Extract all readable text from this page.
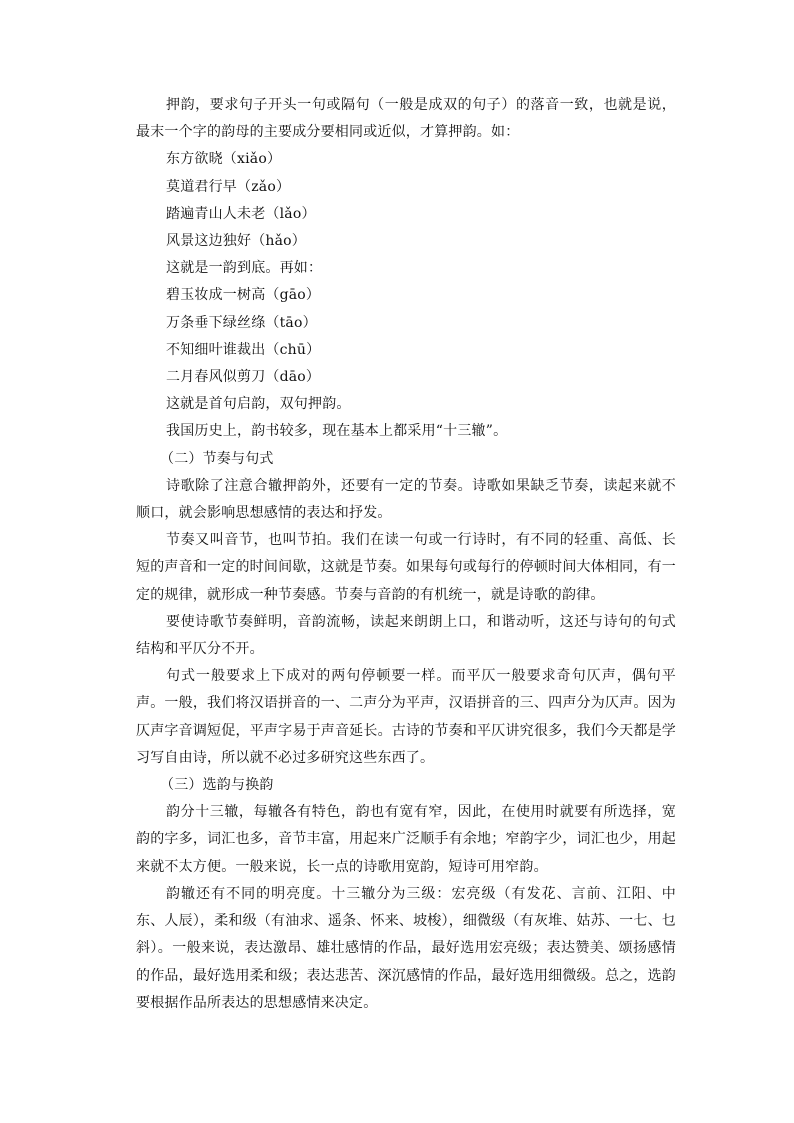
押韵，要求句子开头一句或隔句（一般是成双的句子）的落音一致，也就是说，最末一个字的韵母的主要成分要相同或近似，才算押韵。如：

东方欲晓（xiǎo）

莫道君行早（zǎo）

踏遍青山人未老（lǎo）

风景这边独好（hǎo）

这就是一韵到底。再如：

碧玉妆成一树高（gāo）

万条垂下绿丝绦（tāo）

不知细叶谁裁出（chū）

二月春风似剪刀（dāo）

这就是首句启韵，双句押韵。

我国历史上，韵书较多，现在基本上都采用“十三辙”。

（二）节奏与句式

诗歌除了注意合辙押韵外，还要有一定的节奏。诗歌如果缺乏节奏，读起来就不顺口，就会影响思想感情的表达和抒发。

节奏又叫音节，也叫节拍。我们在读一句或一行诗时，有不同的轻重、高低、长短的声音和一定的时间间歇，这就是节奏。如果每句或每行的停顿时间大体相同，有一定的规律，就形成一种节奏感。节奏与音韵的有机统一，就是诗歌的韵律。

要使诗歌节奏鲜明，音韵流畅，读起来朗朗上口，和谐动听，这还与诗句的句式结构和平仄分不开。

句式一般要求上下成对的两句停顿要一样。而平仄一般要求奇句仄声，偶句平声。一般，我们将汉语拼音的一、二声分为平声，汉语拼音的三、四声分为仄声。因为仄声字音调短促，平声字易于声音延长。古诗的节奏和平仄讲究很多，我们今天都是学习写自由诗，所以就不必过多研究这些东西了。

（三）选韵与换韵

韵分十三辙，每辙各有特色，韵也有宽有窄，因此，在使用时就要有所选择，宽韵的字多，词汇也多，音节丰富，用起来广泛顺手有余地；窄韵字少，词汇也少，用起来就不太方便。一般来说，长一点的诗歌用宽韵，短诗可用窄韵。

韵辙还有不同的明亮度。十三辙分为三级：宏亮级（有发花、言前、江阳、中东、人辰），柔和级（有油求、遥条、怀来、坡梭），细微级（有灰堆、姑苏、一七、乜斜）。一般来说，表达激昂、雄壮感情的作品，最好选用宏亮级；表达赞美、颂扬感情的作品，最好选用柔和级；表达悲苦、深沉感情的作品，最好选用细微级。总之，选韵要根据作品所表达的思想感情来决定。
